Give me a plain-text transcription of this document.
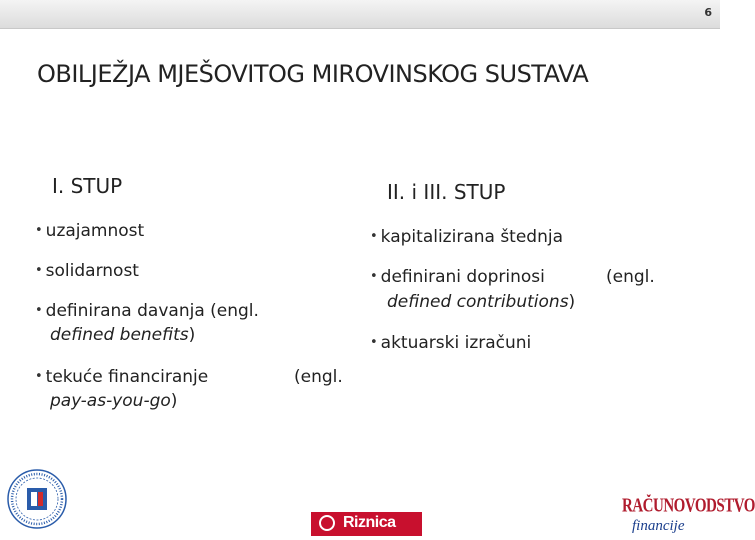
6
OBILJEŽJA MJEŠOVITOG MIROVINSKOG SUSTAVA
I. STUP
• uzajamnost
• solidarnost
• definirana davanja (engl.
defined benefits)
• tekuće financiranje
pay-as-you-go)
(engl.
II. i III. STUP
• kapitalizirana štednja
• definirani doprinosi	(engl.
defined contributions)
• aktuarski izračuni
Riznica
RAČUNOVODSTVO
financije
